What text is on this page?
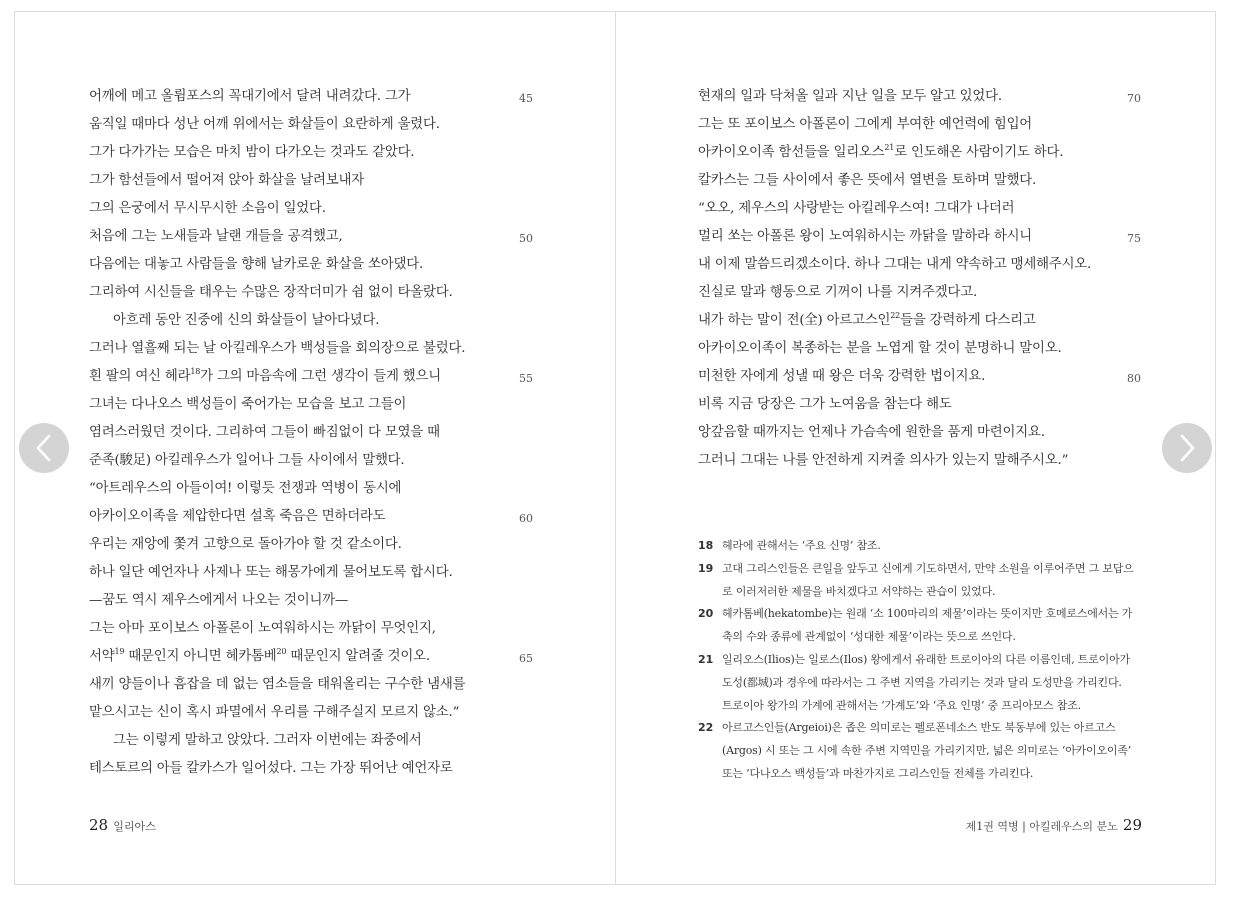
어깨에 메고 올륌포스의 꼭대기에서 달려 내려갔다. 그가
움직일 때마다 성난 어깨 위에서는 화살들이 요란하게 울렸다.
그가 다가가는 모습은 마치 밤이 다가오는 것과도 같았다.
그가 함선들에서 떨어져 앉아 화살을 날려보내자
그의 은궁에서 무시무시한 소음이 일었다.
처음에 그는 노새들과 날랜 개들을 공격했고,
다음에는 대놓고 사람들을 향해 날카로운 화살을 쏘아댔다.
그리하여 시신들을 태우는 수많은 장작더미가 쉼 없이 타올랐다.
아흐레 동안 진중에 신의 화살들이 날아다녔다.
그러나 열흘째 되는 날 아킬레우스가 백성들을 회의장으로 불렀다.
흰 팔의 여신 헤라$^{18}$가 그의 마음속에 그런 생각이 들게 했으니
그녀는 다나오스 백성들이 죽어가는 모습을 보고 그들이
염려스러웠던 것이다. 그리하여 그들이 빠짐없이 다 모였을 때
준족(駿足) 아킬레우스가 일어나 그들 사이에서 말했다.
“아트레우스의 아들이여! 이렇듯 전쟁과 역병이 동시에
아카이오이족을 제압한다면 설혹 죽음은 면하더라도
우리는 재앙에 쫓겨 고향으로 돌아가야 할 것 같소이다.
하나 일단 예언자나 사제나 또는 해몽가에게 물어보도록 합시다.
—꿈도 역시 제우스에게서 나오는 것이니까—
그는 아마 포이보스 아폴론이 노여워하시는 까닭이 무엇인지,
서약$^{19}$ 때문인지 아니면 헤카톰베$^{20}$ 때문인지 알려줄 것이오.
새끼 양들이나 흠잡을 데 없는 염소들을 태워올리는 구수한 냄새를
맡으시고는 신이 혹시 파멸에서 우리를 구해주실지 모르지 않소.”
그는 이렇게 말하고 앉았다. 그러자 이번에는 좌중에서
테스토르의 아들 칼카스가 일어섰다. 그는 가장 뛰어난 예언자로
45
50
55
60
65
현재의 일과 닥쳐올 일과 지난 일을 모두 알고 있었다.
그는 또 포이보스 아폴론이 그에게 부여한 예언력에 힘입어
아카이오이족 함선들을 일리오스$^{21}$로 인도해온 사람이기도 하다.
칼카스는 그들 사이에서 좋은 뜻에서 열변을 토하며 말했다.
“오오, 제우스의 사랑받는 아킬레우스여! 그대가 나더러
멀리 쏘는 아폴론 왕이 노여워하시는 까닭을 말하라 하시니
내 이제 말씀드리겠소이다. 하나 그대는 내게 약속하고 맹세해주시오.
진실로 말과 행동으로 기꺼이 나를 지켜주겠다고.
내가 하는 말이 전(全) 아르고스인$^{22}$들을 강력하게 다스리고
아카이오이족이 복종하는 분을 노엽게 할 것이 분명하니 말이오.
미천한 자에게 성낼 때 왕은 더욱 강력한 법이지요.
비록 지금 당장은 그가 노여움을 참는다 해도
앙갚음할 때까지는 언제나 가슴속에 원한을 품게 마련이지요.
그러니 그대는 나를 안전하게 지켜줄 의사가 있는지 말해주시오.”
70
75
80
18 헤라에 관해서는 ‘주요 신명’ 참조.
19 고대 그리스인들은 큰일을 앞두고 신에게 기도하면서, 만약 소원을 이루어주면 그 보답으
로 이러저러한 제물을 바치겠다고 서약하는 관습이 있었다.
20 헤카톰베(hekatombe)는 원래 ‘소 100마리의 제물’이라는 뜻이지만 호메로스에서는 가
축의 수와 종류에 관계없이 ‘성대한 제물’이라는 뜻으로 쓰인다.
21 일리오스(Ilios)는 일로스(Ilos) 왕에게서 유래한 트로이아의 다른 이름인데, 트로이아가
도성(都城)과 경우에 따라서는 그 주변 지역을 가리키는 것과 달리 도성만을 가리킨다.
트로이아 왕가의 가계에 관해서는 ‘가계도’와 ‘주요 인명’ 중 프리아모스 참조.
22 아르고스인들(Argeioi)은 좁은 의미로는 펠로폰네소스 반도 북동부에 있는 아르고스
(Argos) 시 또는 그 시에 속한 주변 지역민을 가리키지만, 넓은 의미로는 ‘아카이오이족’
또는 ‘다나오스 백성들’과 마찬가지로 그리스인들 전체를 가리킨다.
28 일리아스	제1권 역병 | 아킬레우스의 분노 29
